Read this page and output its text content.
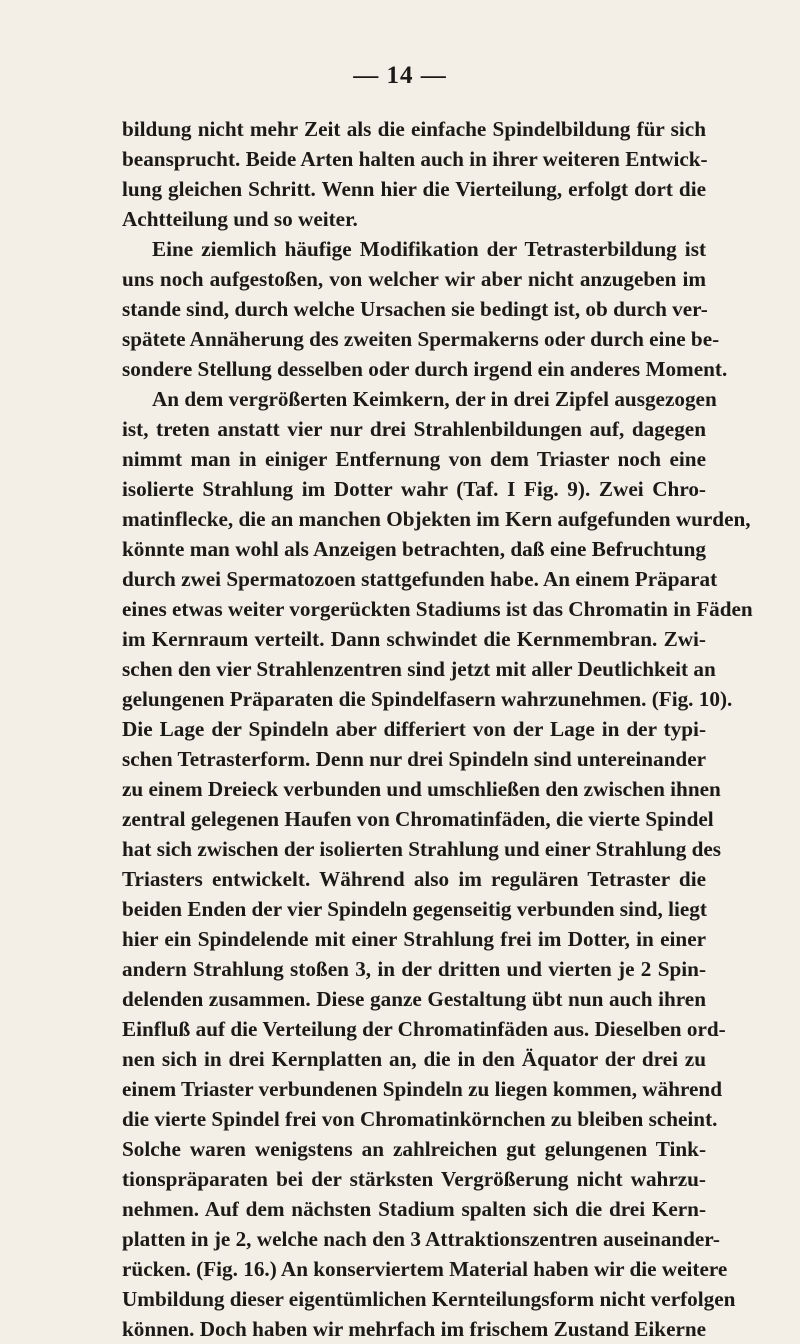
— 14 —
bildung nicht mehr Zeit als die einfache Spindelbildung für sich
beansprucht. Beide Arten halten auch in ihrer weiteren Entwick-
lung gleichen Schritt. Wenn hier die Vierteilung, erfolgt dort die
Achtteilung und so weiter.
Eine ziemlich häufige Modifikation der Tetrasterbildung ist
uns noch aufgestoßen, von welcher wir aber nicht anzugeben im
stande sind, durch welche Ursachen sie bedingt ist, ob durch ver-
spätete Annäherung des zweiten Spermakerns oder durch eine be-
sondere Stellung desselben oder durch irgend ein anderes Moment.
An dem vergrößerten Keimkern, der in drei Zipfel ausgezogen
ist, treten anstatt vier nur drei Strahlenbildungen auf, dagegen
nimmt man in einiger Entfernung von dem Triaster noch eine
isolierte Strahlung im Dotter wahr (Taf. I Fig. 9). Zwei Chro-
matinflecke, die an manchen Objekten im Kern aufgefunden wurden,
könnte man wohl als Anzeigen betrachten, daß eine Befruchtung
durch zwei Spermatozoen stattgefunden habe. An einem Präparat
eines etwas weiter vorgerückten Stadiums ist das Chromatin in Fäden
im Kernraum verteilt. Dann schwindet die Kernmembran. Zwi-
schen den vier Strahlenzentren sind jetzt mit aller Deutlichkeit an
gelungenen Präparaten die Spindelfasern wahrzunehmen. (Fig. 10).
Die Lage der Spindeln aber differiert von der Lage in der typi-
schen Tetrasterform. Denn nur drei Spindeln sind untereinander
zu einem Dreieck verbunden und umschließen den zwischen ihnen
zentral gelegenen Haufen von Chromatinfäden, die vierte Spindel
hat sich zwischen der isolierten Strahlung und einer Strahlung des
Triasters entwickelt. Während also im regulären Tetraster die
beiden Enden der vier Spindeln gegenseitig verbunden sind, liegt
hier ein Spindelende mit einer Strahlung frei im Dotter, in einer
andern Strahlung stoßen 3, in der dritten und vierten je 2 Spin-
delenden zusammen. Diese ganze Gestaltung übt nun auch ihren
Einfluß auf die Verteilung der Chromatinfäden aus. Dieselben ord-
nen sich in drei Kernplatten an, die in den Äquator der drei zu
einem Triaster verbundenen Spindeln zu liegen kommen, während
die vierte Spindel frei von Chromatinkörnchen zu bleiben scheint.
Solche waren wenigstens an zahlreichen gut gelungenen Tink-
tionspräparaten bei der stärksten Vergrößerung nicht wahrzu-
nehmen. Auf dem nächsten Stadium spalten sich die drei Kern-
platten in je 2, welche nach den 3 Attraktionszentren auseinander-
rücken. (Fig. 16.) An konserviertem Material haben wir die weitere
Umbildung dieser eigentümlichen Kernteilungsform nicht verfolgen
können. Doch haben wir mehrfach im frischem Zustand Eikerne
